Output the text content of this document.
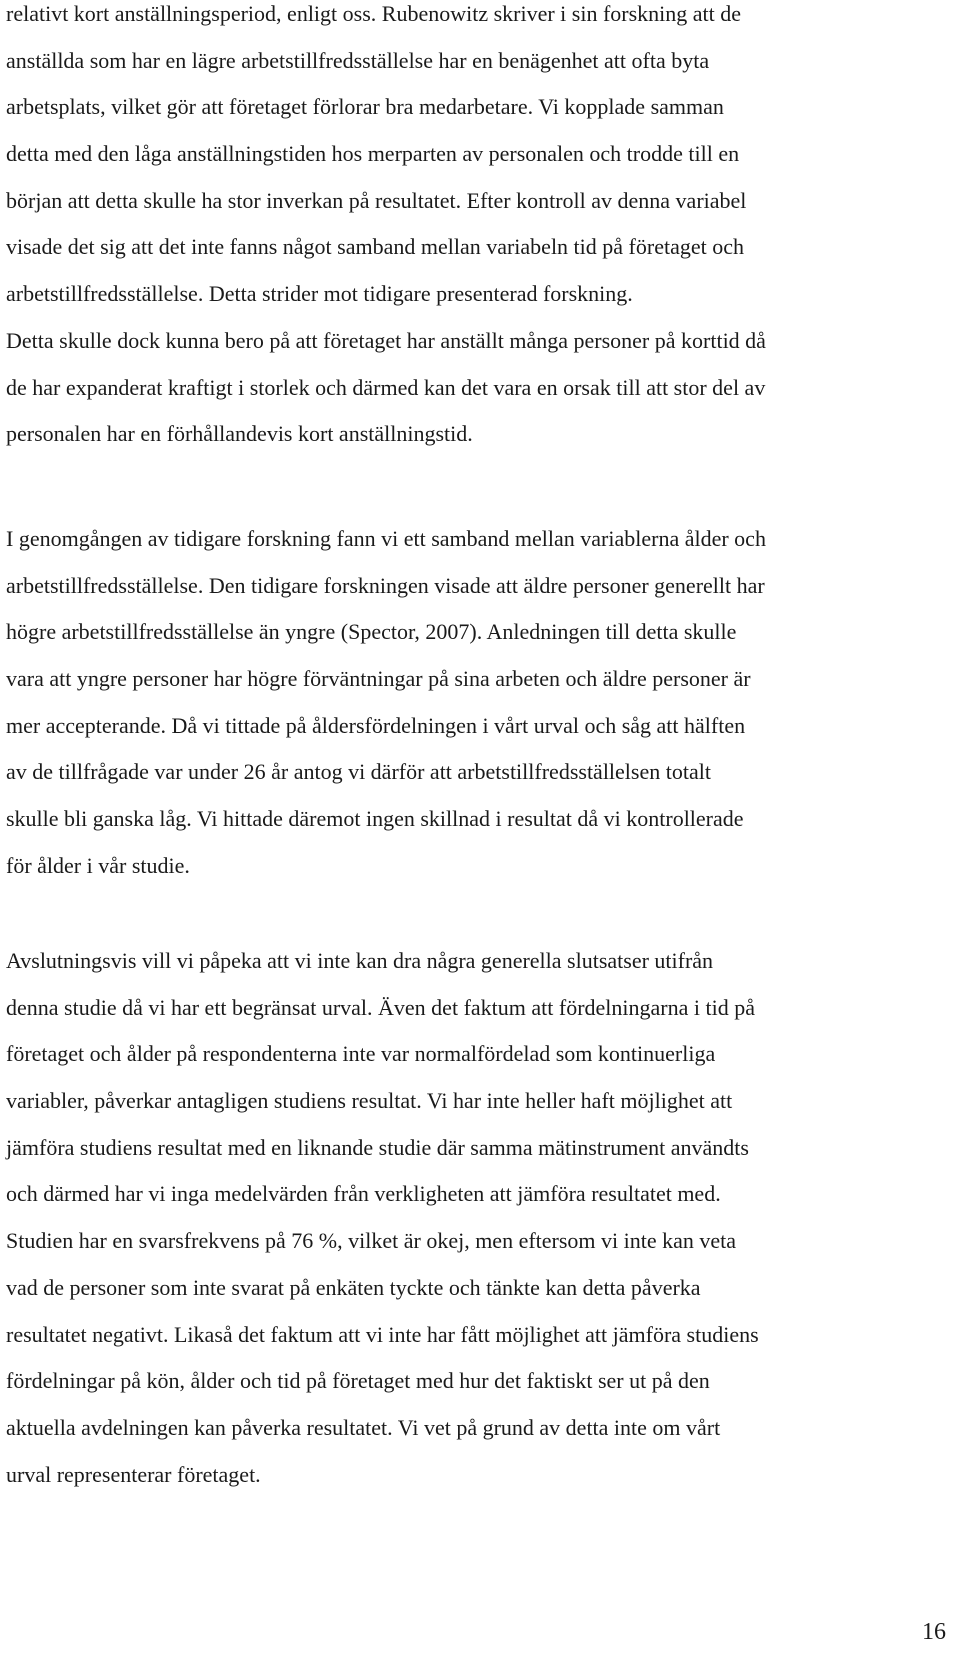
relativt kort anställningsperiod, enligt oss. Rubenowitz skriver i sin forskning att de
anställda som har en lägre arbetstillfredsställelse har en benägenhet att ofta byta
arbetsplats, vilket gör att företaget förlorar bra medarbetare. Vi kopplade samman
detta med den låga anställningstiden hos merparten av personalen och trodde till en
början att detta skulle ha stor inverkan på resultatet. Efter kontroll av denna variabel
visade det sig att det inte fanns något samband mellan variabeln tid på företaget och
arbetstillfredsställelse. Detta strider mot tidigare presenterad forskning.
Detta skulle dock kunna bero på att företaget har anställt många personer på korttid då
de har expanderat kraftigt i storlek och därmed kan det vara en orsak till att stor del av
personalen har en förhållandevis kort anställningstid.
I genomgången av tidigare forskning fann vi ett samband mellan variablerna ålder och
arbetstillfredsställelse. Den tidigare forskningen visade att äldre personer generellt har
högre arbetstillfredsställelse än yngre (Spector, 2007). Anledningen till detta skulle
vara att yngre personer har högre förväntningar på sina arbeten och äldre personer är
mer accepterande. Då vi tittade på åldersfördelningen i vårt urval och såg att hälften
av de tillfrågade var under 26 år antog vi därför att arbetstillfredsställelsen totalt
skulle bli ganska låg. Vi hittade däremot ingen skillnad i resultat då vi kontrollerade
för ålder i vår studie.
Avslutningsvis vill vi påpeka att vi inte kan dra några generella slutsatser utifrån
denna studie då vi har ett begränsat urval. Även det faktum att fördelningarna i tid på
företaget och ålder på respondenterna inte var normalfördelad som kontinuerliga
variabler, påverkar antagligen studiens resultat. Vi har inte heller haft möjlighet att
jämföra studiens resultat med en liknande studie där samma mätinstrument användts
och därmed har vi inga medelvärden från verkligheten att jämföra resultatet med.
Studien har en svarsfrekvens på 76 %, vilket är okej, men eftersom vi inte kan veta
vad de personer som inte svarat på enkäten tyckte och tänkte kan detta påverka
resultatet negativt. Likaså det faktum att vi inte har fått möjlighet att jämföra studiens
fördelningar på kön, ålder och tid på företaget med hur det faktiskt ser ut på den
aktuella avdelningen kan påverka resultatet. Vi vet på grund av detta inte om vårt
urval representerar företaget.
16
